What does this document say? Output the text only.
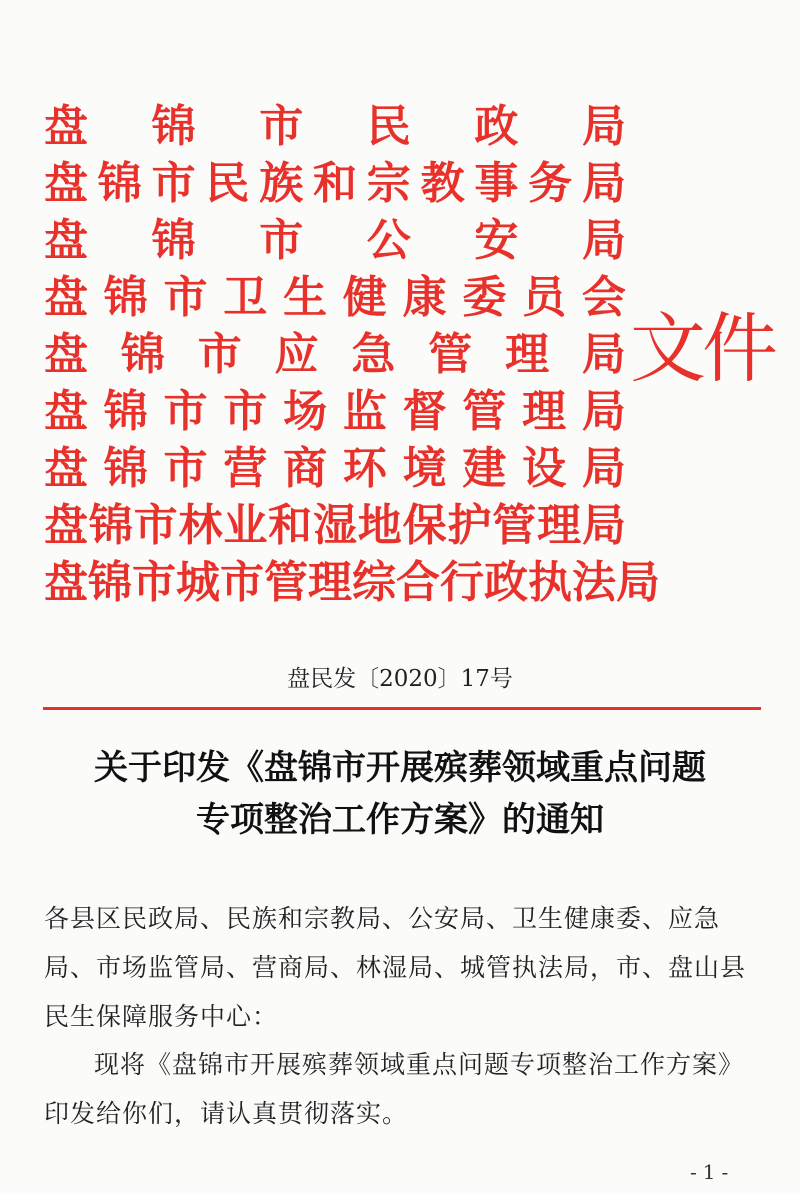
盘 锦 市 民 政 局
盘 锦 市 民 族 和 宗 教 事 务 局
盘 锦 市 公 安 局
盘 锦 市 卫 生 健 康 委 员 会
盘 锦 市 应 急 管 理 局
盘 锦 市 市 场 监 督 管 理 局
盘 锦 市 营 商 环 境 建 设 局
盘 锦 市 林 业 和 湿 地 保 护 管 理 局
盘 锦 市 城 市 管 理 综 合 行 政 执 法 局
文件
盘民发〔2020〕17号
关于印发《盘锦市开展殡葬领域重点问题
专项整治工作方案》的通知
各县区民政局、民族和宗教局、公安局、卫生健康委、应急局、市场监管局、营商局、林湿局、城管执法局，市、盘山县民生保障服务中心：
现将《盘锦市开展殡葬领域重点问题专项整治工作方案》印发给你们，请认真贯彻落实。
-1-
